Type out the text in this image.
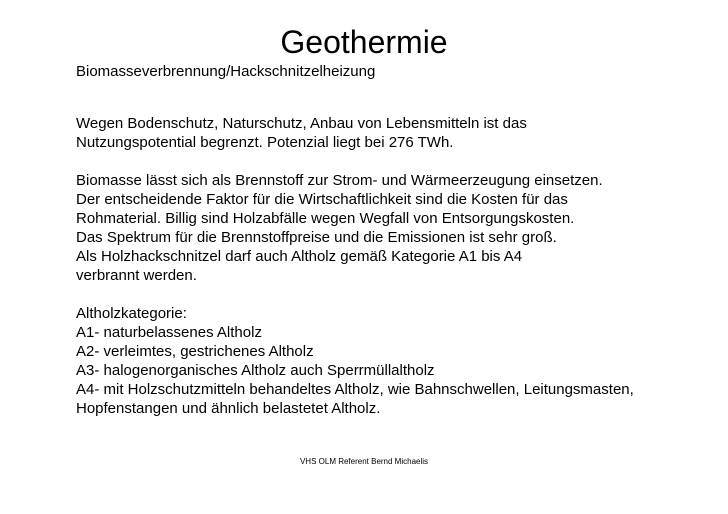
Geothermie
Biomasseverbrennung/Hackschnitzelheizung
Wegen Bodenschutz, Naturschutz, Anbau von Lebensmitteln ist das
Nutzungspotential begrenzt. Potenzial liegt bei 276 TWh.
Biomasse lässt sich als Brennstoff zur Strom- und Wärmeerzeugung einsetzen.
Der entscheidende Faktor für die Wirtschaftlichkeit sind die Kosten für das
Rohmaterial. Billig sind Holzabfälle wegen Wegfall von Entsorgungskosten.
Das Spektrum für die Brennstoffpreise und die Emissionen ist sehr groß.
Als Holzhackschnitzel darf auch Altholz gemäß Kategorie A1 bis A4
verbrannt werden.
Altholzkategorie:
A1- naturbelassenes Altholz
A2- verleimtes, gestrichenes Altholz
A3- halogenorganisches Altholz auch Sperrmüllaltholz
A4- mit Holzschutzmitteln behandeltes Altholz, wie Bahnschwellen, Leitungsmasten,
Hopfenstangen und ähnlich belastetet Altholz.
VHS OLM Referent Bernd Michaelis
